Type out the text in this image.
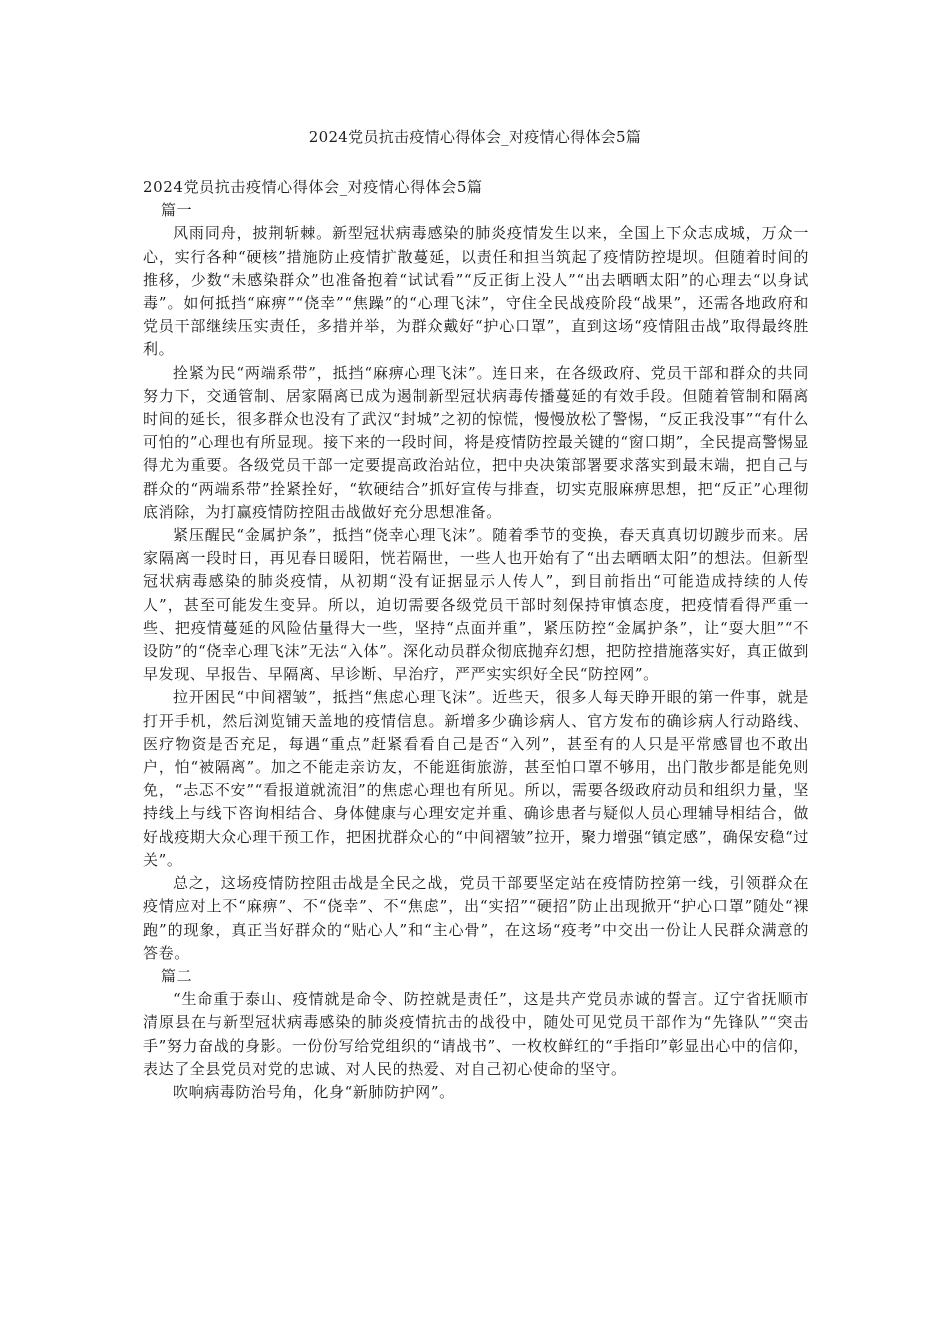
2024党员抗击疫情心得体会_对疫情心得体会5篇

2024党员抗击疫情心得体会_对疫情心得体会5篇

篇一

风雨同舟，披荆斩棘。新型冠状病毒感染的肺炎疫情发生以来，全国上下众志成城，万众一心，实行各种“硬核”措施防止疫情扩散蔓延，以责任和担当筑起了疫情防控堤坝。但随着时间的推移，少数“未感染群众”也准备抱着“试试看”“反正街上没人”“出去晒晒太阳”的心理去“以身试毒”。如何抵挡“麻痹”“侥幸”“焦躁”的“心理飞沫”，守住全民战疫阶段“战果”，还需各地政府和党员干部继续压实责任，多措并举，为群众戴好“护心口罩”，直到这场“疫情阻击战”取得最终胜利。

拴紧为民“两端系带”，抵挡“麻痹心理飞沫”。连日来，在各级政府、党员干部和群众的共同努力下，交通管制、居家隔离已成为遏制新型冠状病毒传播蔓延的有效手段。但随着管制和隔离时间的延长，很多群众也没有了武汉“封城”之初的惊慌，慢慢放松了警惕，“反正我没事”“有什么可怕的”心理也有所显现。接下来的一段时间，将是疫情防控最关键的“窗口期”，全民提高警惕显得尤为重要。各级党员干部一定要提高政治站位，把中央决策部署要求落实到最末端，把自己与群众的“两端系带”拴紧拴好，“软硬结合”抓好宣传与排查，切实克服麻痹思想，把“反正”心理彻底消除，为打赢疫情防控阻击战做好充分思想准备。

紧压醒民“金属护条”，抵挡“侥幸心理飞沫”。随着季节的变换，春天真真切切踱步而来。居家隔离一段时日，再见春日暖阳，恍若隔世，一些人也开始有了“出去晒晒太阳”的想法。但新型冠状病毒感染的肺炎疫情，从初期“没有证据显示人传人”，到目前指出“可能造成持续的人传人”，甚至可能发生变异。所以，迫切需要各级党员干部时刻保持审慎态度，把疫情看得严重一些、把疫情蔓延的风险估量得大一些，坚持“点面并重”，紧压防控“金属护条”，让“耍大胆”“不设防”的“侥幸心理飞沫”无法“入体”。深化动员群众彻底抛弃幻想，把防控措施落实好，真正做到早发现、早报告、早隔离、早诊断、早治疗，严严实实织好全民“防控网”。

拉开困民“中间褶皱”，抵挡“焦虑心理飞沫”。近些天，很多人每天睁开眼的第一件事，就是打开手机，然后浏览铺天盖地的疫情信息。新增多少确诊病人、官方发布的确诊病人行动路线、医疗物资是否充足，每遇“重点”赶紧看看自己是否“入列”，甚至有的人只是平常感冒也不敢出户，怕“被隔离”。加之不能走亲访友，不能逛街旅游，甚至怕口罩不够用，出门散步都是能免则免，“忐忑不安”“看报道就流泪”的焦虑心理也有所见。所以，需要各级政府动员和组织力量，坚持线上与线下咨询相结合、身体健康与心理安定并重、确诊患者与疑似人员心理辅导相结合，做好战疫期大众心理干预工作，把困扰群众心的“中间褶皱”拉开，聚力增强“镇定感”，确保安稳“过关”。

总之，这场疫情防控阻击战是全民之战，党员干部要坚定站在疫情防控第一线，引领群众在疫情应对上不“麻痹”、不“侥幸”、不“焦虑”，出“实招”“硬招”防止出现掀开“护心口罩”随处“裸跑”的现象，真正当好群众的“贴心人”和“主心骨”，在这场“疫考”中交出一份让人民群众满意的答卷。

篇二

“生命重于泰山、疫情就是命令、防控就是责任”，这是共产党员赤诚的誓言。辽宁省抚顺市清原县在与新型冠状病毒感染的肺炎疫情抗击的战役中，随处可见党员干部作为“先锋队”“突击手”努力奋战的身影。一份份写给党组织的“请战书”、一枚枚鲜红的“手指印”彰显出心中的信仰，表达了全县党员对党的忠诚、对人民的热爱、对自己初心使命的坚守。

吹响病毒防治号角，化身“新肺防护网”。
